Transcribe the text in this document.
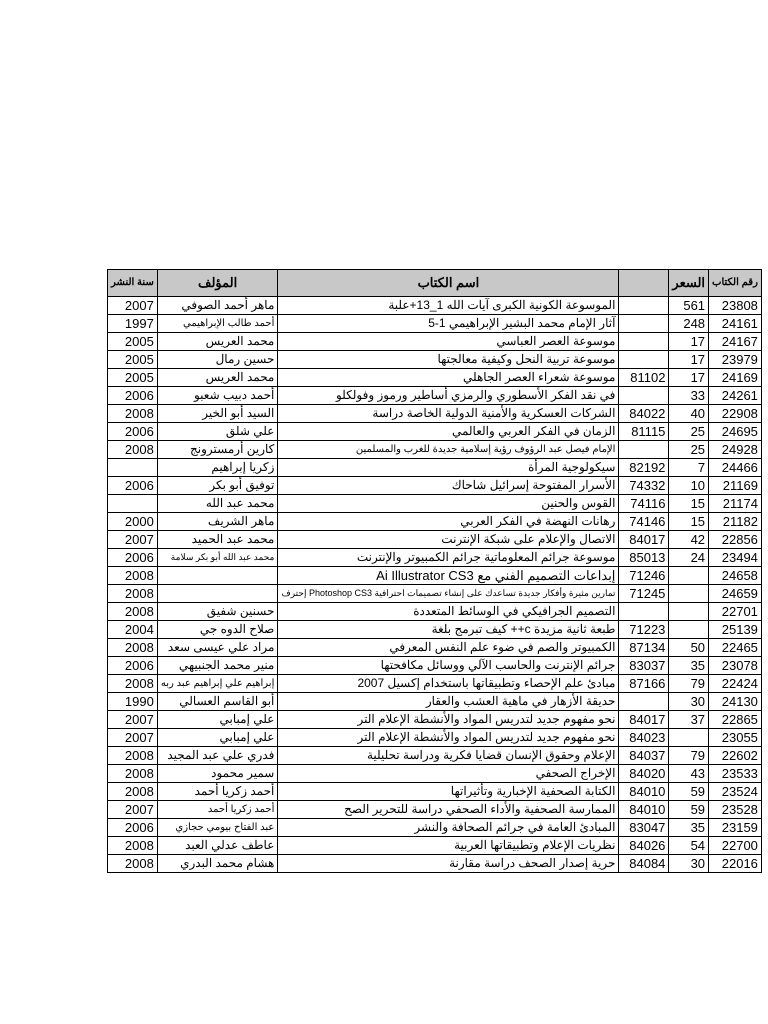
سنة النشر	المؤلف	اسم الكتاب		السعر	رقم الكتاب
2007	ماهر أحمد الصوفي	الموسوعة الكونية الكبرى آيات الله 1_13+علبة		561	23808
1997	أحمد طالب الإبراهيمي	آثار الإمام محمد البشير الإبراهيمي 1-5		248	24161
2005	محمد العريس	موسوعة العصر العباسي		17	24167
2005	حسين رمال	موسوعة تربية النحل وكيفية معالجتها		17	23979
2005	محمد العريس	موسوعة شعراء العصر الجاهلي	81102	17	24169
2006	أحمد دبيب شعبو	في نقد الفكر الأسطوري والرمزي أساطير ورموز وفولكلو		33	24261
2008	السيد أبو الخير	الشركات العسكرية والأمنية الدولية الخاصة دراسة	84022	40	22908
2006	علي شلق	الزمان في الفكر العربي والعالمي	81115	25	24695
2008	كارين أرمسترونج	الإمام فيصل عبد الرؤوف رؤية إسلامية جديدة للغرب والمسلمين		25	24928
	زكريا إبراهيم	سيكولوجية المرأة	82192	7	24466
2006	توفيق أبو بكر	الأسرار المفتوحة إسرائيل شاحاك	74332	10	21169
	محمد عبد الله	القوس والحنين	74116	15	21174
2000	ماهر الشريف	رهانات النهضة في الفكر العربي	74146	15	21182
2007	محمد عبد الحميد	الاتصال والإعلام على شبكة الإنترنت	84017	42	22856
2006	محمد عبد الله أبو بكر سلامة	موسوعة جرائم المعلوماتية جرائم الكمبيوتر والإنترنت	85013	24	23494
2008		إبداعات التصميم الفني مع Ai Illustrator CS3	71246		24658
2008		تمارين مثيرة وأفكار جديدة تساعدك على إنشاء تصميمات احترافية Photoshop CS3 إحترف	71245		24659
2008	حسنين شفيق	التصميم الجرافيكي في الوسائط المتعددة			22701
2004	صلاح الدوه جي	طبعة ثانية مزيدة c++ كيف تبرمج بلغة	71223		25139
2008	مراد علي عيسى سعد	الكمبيوتر والصم في ضوء علم النفس المعرفي	87134	50	22465
2006	منير محمد الجنبيهي	جرائم الإنترنت والحاسب الآلي ووسائل مكافحتها	83037	35	23078
2008	إبراهيم علي إبراهيم عبد ربه	مبادئ علم الإحصاء وتطبيقاتها باستخدام إكسيل 2007	87166	79	22424
1990	أبو القاسم العسالي	حديقة الأزهار في ماهية العشب والعقار		30	24130
2007	علي إمبابي	نحو مفهوم جديد لتدريس المواد والأنشطة الإعلام التر	84017	37	22865
2007	علي إمبابي	نحو مفهوم جديد لتدريس المواد والأنشطة الإعلام التر	84023		23055
2008	فدري علي عبد المجيد	الإعلام وحقوق الإنسان قضايا فكرية ودراسة تحليلية	84037	79	22602
2008	سمير محمود	الإخراج الصحفي	84020	43	23533
2008	أحمد زكريا أحمد	الكتابة الصحفية الإخبارية وتأثيراتها	84010	59	23524
2007	أحمد زكريا أحمد	الممارسة الصحفية والأداء الصحفي دراسة للتحرير الصح	84010	59	23528
2006	عبد الفتاح بيومي حجازي	المبادئ العامة في جرائم الصحافة والنشر	83047	35	23159
2008	عاطف عدلي العبد	نظريات الإعلام وتطبيقاتها العربية	84026	54	22700
2008	هشام محمد البدري	حرية إصدار الصحف دراسة مقارنة	84084	30	22016
